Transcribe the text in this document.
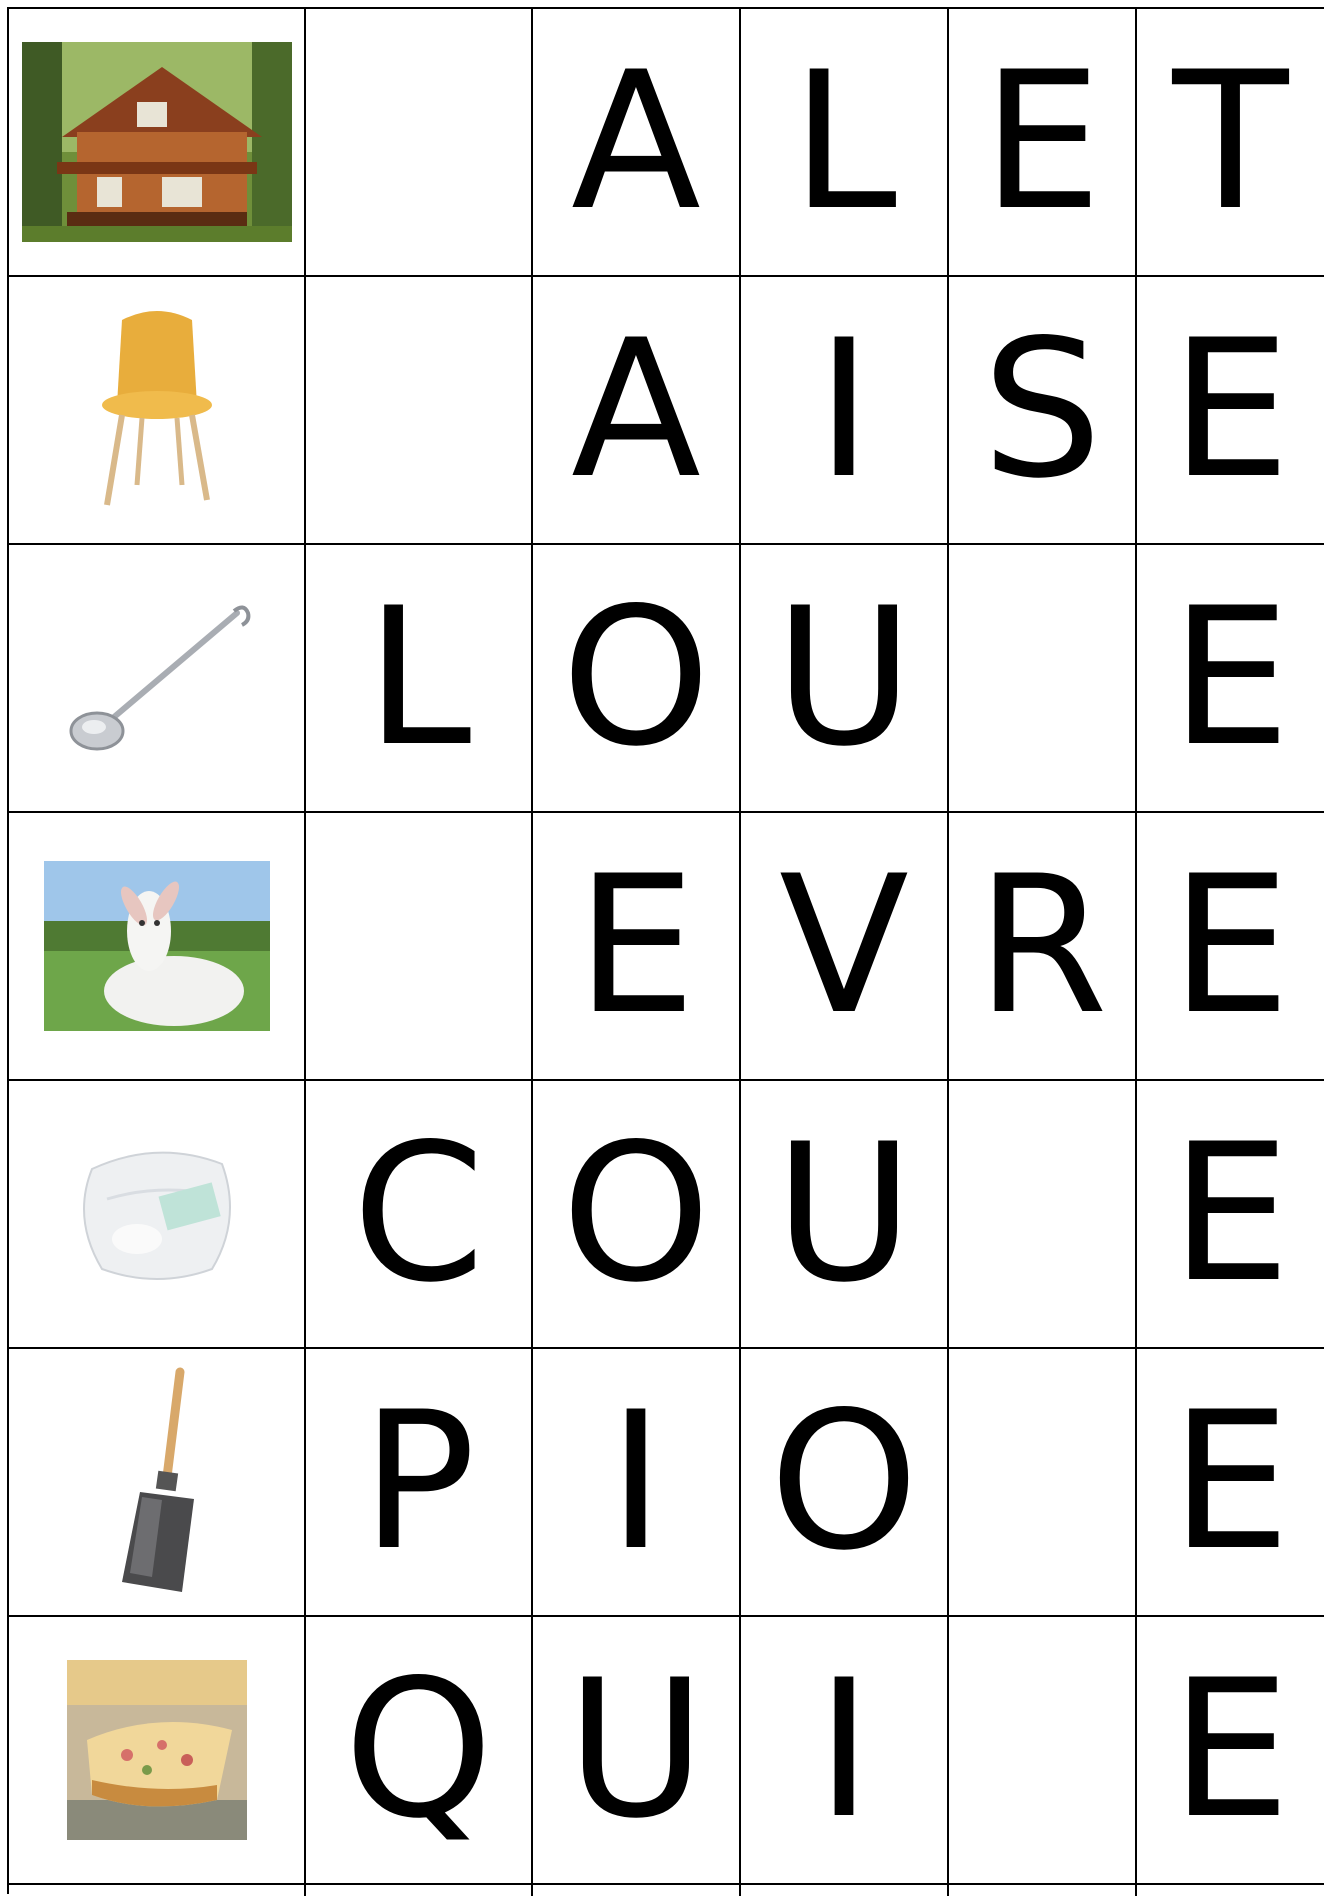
A L E T
A I S E
L O U E
E V R E
C O U E
P I O E
Q U I E
